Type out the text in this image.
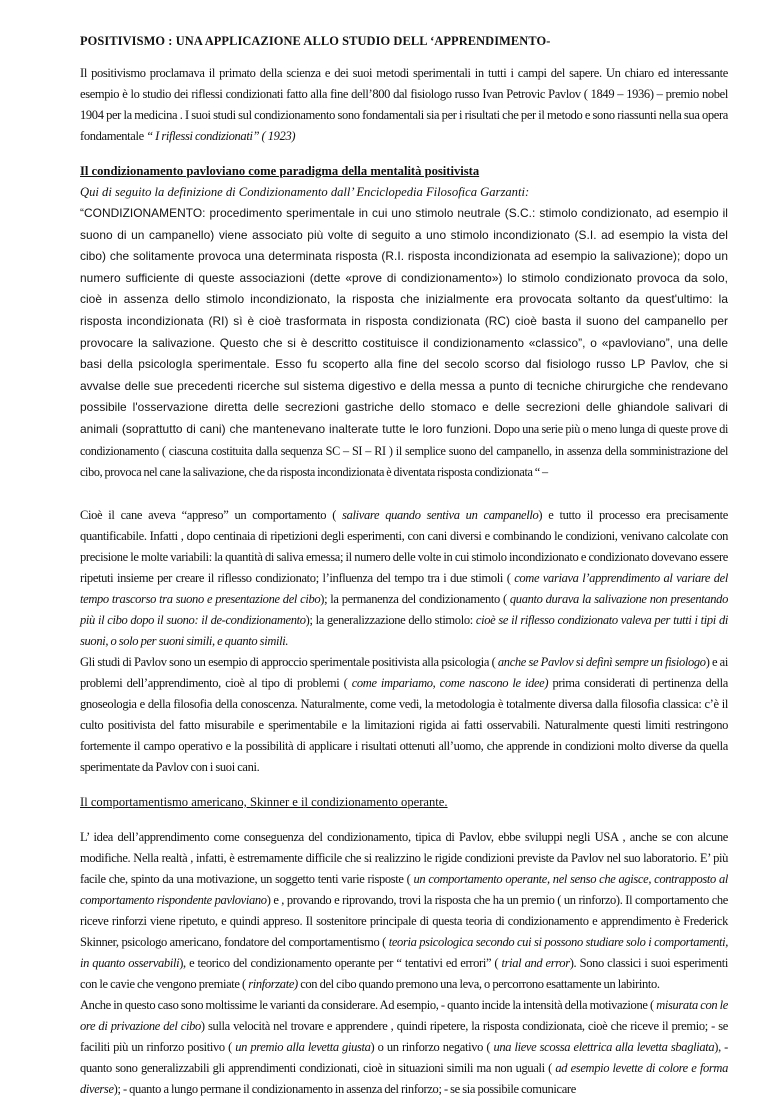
POSITIVISMO : UNA APPLICAZIONE ALLO STUDIO DELL ‘APPRENDIMENTO-

Il positivismo proclamava il primato della scienza e dei suoi metodi sperimentali in tutti i campi del sapere. Un chiaro ed interessante esempio è lo studio dei riflessi condizionati fatto alla fine dell’800 dal fisiologo russo Ivan Petrovic Pavlov ( 1849 – 1936) – premio nobel 1904 per la medicina . I suoi studi sul condizionamento sono fondamentali sia per i risultati che per il metodo e sono riassunti nella sua opera fondamentale “ I riflessi condizionati” ( 1923)

Il condizionamento pavloviano come paradigma della mentalità positivista
Qui di seguito la definizione di Condizionamento dall’ Enciclopedia Filosofica Garzanti:

“CONDIZIONAMENTO: procedimento sperimentale in cui uno stimolo neutrale (S.C.: stimolo condizionato, ad esempio il suono di un campanello) viene associato più volte di seguito a uno stimolo incondizionato (S.I. ad esempio la vista del cibo) che solitamente provoca una determinata risposta (R.I. risposta incondizionata ad esempio la salivazione); dopo un numero sufficiente di queste associazioni (dette «prove di condizionamento») lo stimolo condizionato provoca da solo, cioè in assenza dello stimolo incondizionato, la risposta che inizialmente era provocata soltanto da quest'ultimo: la risposta incondizionata (RI) sì è cioè trasformata in risposta condizionata (RC) cioè basta il suono del campanello per provocare la salivazione. Questo che si è descritto costituisce il condizionamento «classico”, o «pavloviano”, una delle basi della psicologIa sperimentale. Esso fu scoperto alla fine del secolo scorso dal fisiologo russo LP Pavlov, che si avvalse delle sue precedenti ricerche sul sistema digestivo e della messa a punto di tecniche chirurgiche che rendevano possibile l'osservazione diretta delle secrezioni gastriche dello stomaco e delle secrezioni delle ghiandole salivari di animali (soprattutto di cani) che mantenevano inalterate tutte le loro funzioni. Dopo una serie più o meno lunga di queste prove di condizionamento ( ciascuna costituita dalla sequenza SC – SI – RI ) il semplice suono del campanello, in assenza della somministrazione del cibo, provoca nel cane la salivazione, che da risposta incondizionata è diventata risposta condizionata “ –

Cioè il cane aveva “appreso” un comportamento ( salivare quando sentiva un campanello) e tutto il processo era precisamente quantificabile. Infatti , dopo centinaia di ripetizioni degli esperimenti, con cani diversi e combinando le condizioni, venivano calcolate con precisione le molte variabili: la quantità di saliva emessa; il numero delle volte in cui stimolo incondizionato e condizionato dovevano essere ripetuti insieme per creare il riflesso condizionato; l’influenza del tempo tra i due stimoli ( come variava l’apprendimento al variare del tempo trascorso tra suono e presentazione del cibo); la permanenza del condizionamento ( quanto durava la salivazione non presentando più il cibo dopo il suono: il de-condizionamento); la generalizzazione dello stimolo: cioè se il riflesso condizionato valeva per tutti i tipi di suoni, o solo per suoni simili, e quanto simili.

Gli studi di Pavlov sono un esempio di approccio sperimentale positivista alla psicologia ( anche se Pavlov si definì sempre un fisiologo) e ai problemi dell’apprendimento, cioè al tipo di problemi ( come impariamo, come nascono le idee) prima considerati di pertinenza della gnoseologia e della filosofia della conoscenza. Naturalmente, come vedi, la metodologia è totalmente diversa dalla filosofia classica: c’è il culto positivista del fatto misurabile e sperimentabile e la limitazioni rigida ai fatti osservabili. Naturalmente questi limiti restringono fortemente il campo operativo e la possibilità di applicare i risultati ottenuti all’uomo, che apprende in condizioni molto diverse da quella sperimentate da Pavlov con i suoi cani.

Il comportamentismo americano, Skinner e il condizionamento operante.

L’ idea dell’apprendimento come conseguenza del condizionamento, tipica di Pavlov, ebbe sviluppi negli USA , anche se con alcune modifiche. Nella realtà , infatti, è estremamente difficile che si realizzino le rigide condizioni previste da Pavlov nel suo laboratorio. E’ più facile che, spinto da una motivazione, un soggetto tenti varie risposte ( un comportamento operante, nel senso che agisce, contrapposto al comportamento rispondente pavloviano) e , provando e riprovando, trovi la risposta che ha un premio ( un rinforzo). Il comportamento che riceve rinforzi viene ripetuto, e quindi appreso. Il sostenitore principale di questa teoria di condizionamento e apprendimento è Frederick Skinner, psicologo americano, fondatore del comportamentismo ( teoria psicologica secondo cui si possono studiare solo i comportamenti, in quanto osservabili), e teorico del condizionamento operante per “ tentativi ed errori” ( trial and error). Sono classici i suoi esperimenti con le cavie che vengono premiate ( rinforzate) con del cibo quando premono una leva, o percorrono esattamente un labirinto.

Anche in questo caso sono moltissime le varianti da considerare. Ad esempio, - quanto incide la intensità della motivazione ( misurata con le ore di privazione del cibo) sulla velocità nel trovare e apprendere , quindi ripetere, la risposta condizionata, cioè che riceve il premio; - se faciliti più un rinforzo positivo ( un premio alla levetta giusta) o un rinforzo negativo ( una lieve scossa elettrica alla levetta sbagliata), - quanto sono generalizzabili gli apprendimenti condizionati, cioè in situazioni simili ma non uguali ( ad esempio levette di colore e forma diverse); - quanto a lungo permane il condizionamento in assenza del rinforzo; - se sia possibile comunicare
